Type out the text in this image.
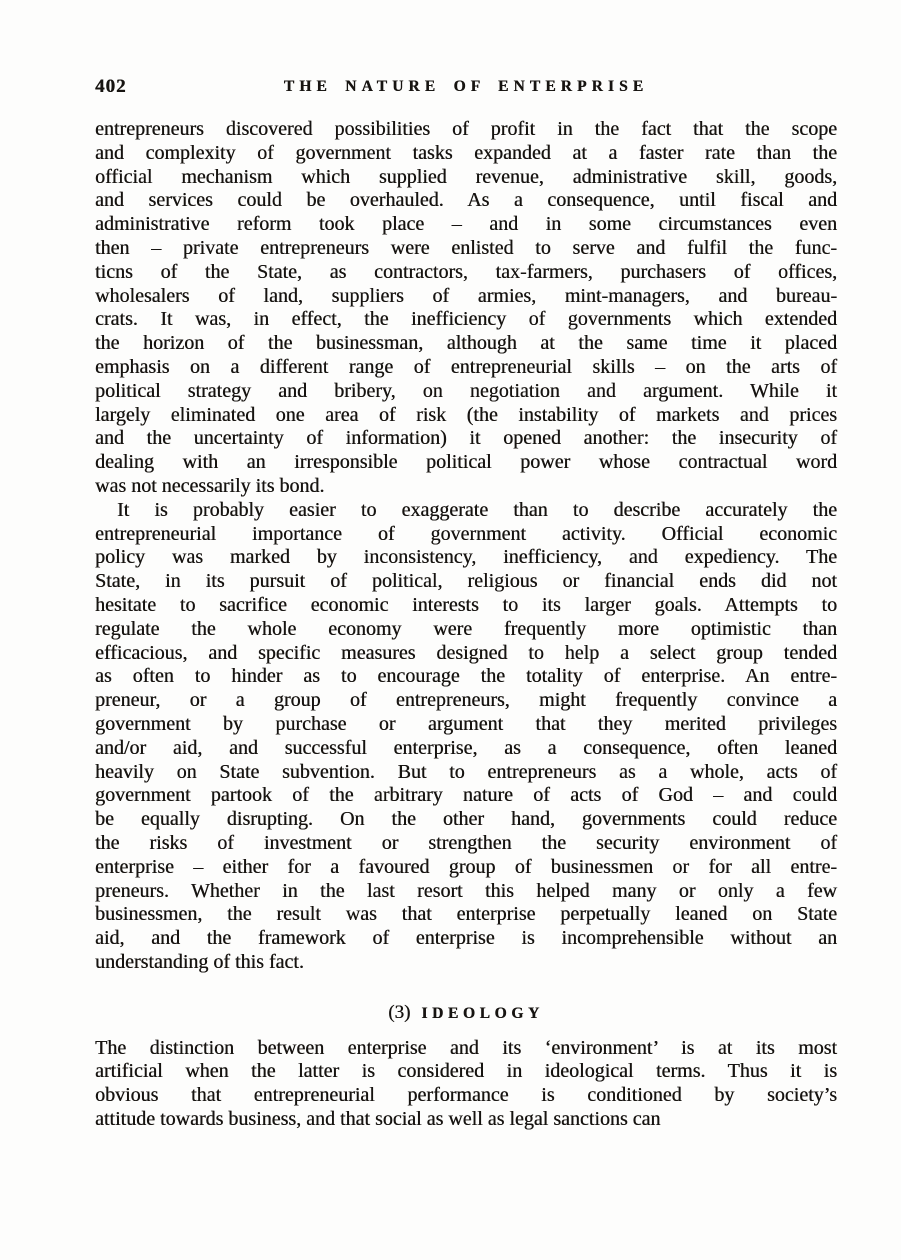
402	THE NATURE OF ENTERPRISE
entrepreneurs discovered possibilities of profit in the fact that the scope
and complexity of government tasks expanded at a faster rate than the
official mechanism which supplied revenue, administrative skill, goods,
and services could be overhauled. As a consequence, until fiscal and
administrative reform took place – and in some circumstances even
then – private entrepreneurs were enlisted to serve and fulfil the func-
ticns of the State, as contractors, tax-farmers, purchasers of offices,
wholesalers of land, suppliers of armies, mint-managers, and bureau-
crats. It was, in effect, the inefficiency of governments which extended
the horizon of the businessman, although at the same time it placed
emphasis on a different range of entrepreneurial skills – on the arts of
political strategy and bribery, on negotiation and argument. While it
largely eliminated one area of risk (the instability of markets and prices
and the uncertainty of information) it opened another: the insecurity of
dealing with an irresponsible political power whose contractual word
was not necessarily its bond.
It is probably easier to exaggerate than to describe accurately the
entrepreneurial importance of government activity. Official economic
policy was marked by inconsistency, inefficiency, and expediency. The
State, in its pursuit of political, religious or financial ends did not
hesitate to sacrifice economic interests to its larger goals. Attempts to
regulate the whole economy were frequently more optimistic than
efficacious, and specific measures designed to help a select group tended
as often to hinder as to encourage the totality of enterprise. An entre-
preneur, or a group of entrepreneurs, might frequently convince a
government by purchase or argument that they merited privileges
and/or aid, and successful enterprise, as a consequence, often leaned
heavily on State subvention. But to entrepreneurs as a whole, acts of
government partook of the arbitrary nature of acts of God – and could
be equally disrupting. On the other hand, governments could reduce
the risks of investment or strengthen the security environment of
enterprise – either for a favoured group of businessmen or for all entre-
preneurs. Whether in the last resort this helped many or only a few
businessmen, the result was that enterprise perpetually leaned on State
aid, and the framework of enterprise is incomprehensible without an
understanding of this fact.
(3) IDEOLOGY
The distinction between enterprise and its ‘environment’ is at its most
artificial when the latter is considered in ideological terms. Thus it is
obvious that entrepreneurial performance is conditioned by society’s
attitude towards business, and that social as well as legal sanctions can
